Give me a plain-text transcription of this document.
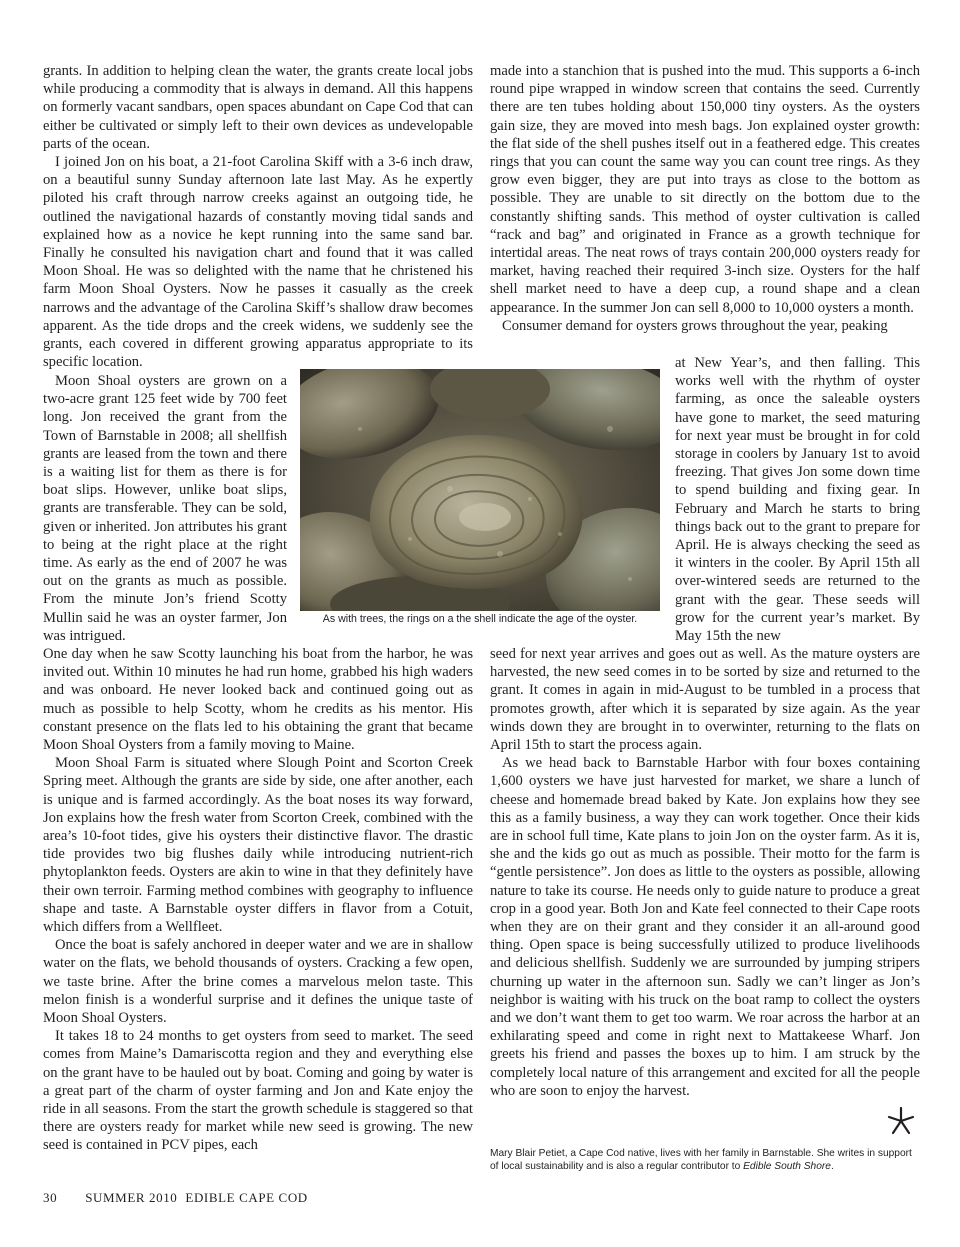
grants. In addition to helping clean the water, the grants create local jobs while producing a commodity that is always in demand. All this happens on formerly vacant sandbars, open spaces abundant on Cape Cod that can either be cultivated or simply left to their own devices as undevelopable parts of the ocean.

I joined Jon on his boat, a 21-foot Carolina Skiff with a 3-6 inch draw, on a beautiful sunny Sunday afternoon late last May. As he expertly piloted his craft through narrow creeks against an outgoing tide, he outlined the navigational hazards of constantly moving tidal sands and explained how as a novice he kept running into the same sand bar. Finally he consulted his navigation chart and found that it was called Moon Shoal. He was so delighted with the name that he christened his farm Moon Shoal Oysters. Now he passes it casually as the creek narrows and the advantage of the Carolina Skiff’s shallow draw becomes apparent. As the tide drops and the creek widens, we suddenly see the grants, each covered in different growing apparatus appropriate to its specific location.

Moon Shoal oysters are grown on a two-acre grant 125 feet wide by 700 feet long. Jon received the grant from the Town of Barnstable in 2008; all shellfish grants are leased from the town and there is a waiting list for them as there is for boat slips. However, unlike boat slips, grants are transferable. They can be sold, given or inherited. Jon attributes his grant to being at the right place at the right time. As early as the end of 2007 he was out on the grants as much as possible. From the minute Jon’s friend Scotty Mullin said he was an oyster farmer, Jon was intrigued.

One day when he saw Scotty launching his boat from the harbor, he was invited out. Within 10 minutes he had run home, grabbed his high waders and was onboard. He never looked back and continued going out as much as possible to help Scotty, whom he credits as his mentor. His constant presence on the flats led to his obtaining the grant that became Moon Shoal Oysters from a family moving to Maine.

Moon Shoal Farm is situated where Slough Point and Scorton Creek Spring meet. Although the grants are side by side, one after another, each is unique and is farmed accordingly. As the boat noses its way forward, Jon explains how the fresh water from Scorton Creek, combined with the area’s 10-foot tides, give his oysters their distinctive flavor. The drastic tide provides two big flushes daily while introducing nutrient-rich phytoplankton feeds. Oysters are akin to wine in that they definitely have their own terroir. Farming method combines with geography to influence shape and taste. A Barnstable oyster differs in flavor from a Cotuit, which differs from a Wellfleet.

Once the boat is safely anchored in deeper water and we are in shallow water on the flats, we behold thousands of oysters. Cracking a few open, we taste brine. After the brine comes a marvelous melon taste. This melon finish is a wonderful surprise and it defines the unique taste of Moon Shoal Oysters.

It takes 18 to 24 months to get oysters from seed to market. The seed comes from Maine’s Damariscotta region and they and everything else on the grant have to be hauled out by boat. Coming and going by water is a great part of the charm of oyster farming and Jon and Kate enjoy the ride in all seasons. From the start the growth schedule is staggered so that there are oysters ready for market while new seed is growing. The new seed is contained in PCV pipes, each

made into a stanchion that is pushed into the mud. This supports a 6-inch round pipe wrapped in window screen that contains the seed. Currently there are ten tubes holding about 150,000 tiny oysters. As the oysters gain size, they are moved into mesh bags. Jon explained oyster growth: the flat side of the shell pushes itself out in a feathered edge. This creates rings that you can count the same way you can count tree rings. As they grow even bigger, they are put into trays as close to the bottom as possible. They are unable to sit directly on the bottom due to the constantly shifting sands. This method of oyster cultivation is called “rack and bag” and originated in France as a growth technique for intertidal areas. The neat rows of trays contain 200,000 oysters ready for market, having reached their required 3-inch size. Oysters for the half shell market need to have a deep cup, a round shape and a clean appearance. In the summer Jon can sell 8,000 to 10,000 oysters a month.

Consumer demand for oysters grows throughout the year, peaking

at New Year’s, and then falling. This works well with the rhythm of oyster farming, as once the saleable oysters have gone to market, the seed maturing for next year must be brought in for cold storage in coolers by January 1st to avoid freezing. That gives Jon some down time to spend building and fixing gear. In February and March he starts to bring things back out to the grant to prepare for April. He is always checking the seed as it winters in the cooler. By April 15th all over-wintered seeds are returned to the grant with the gear. These seeds will grow for the current year’s market. By May 15th the new

seed for next year arrives and goes out as well. As the mature oysters are harvested, the new seed comes in to be sorted by size and returned to the grant. It comes in again in mid-August to be tumbled in a process that promotes growth, after which it is separated by size again. As the year winds down they are brought in to overwinter, returning to the flats on April 15th to start the process again.

As we head back to Barnstable Harbor with four boxes containing 1,600 oysters we have just harvested for market, we share a lunch of cheese and homemade bread baked by Kate. Jon explains how they see this as a family business, a way they can work together. Once their kids are in school full time, Kate plans to join Jon on the oyster farm. As it is, she and the kids go out as much as possible. Their motto for the farm is “gentle persistence”. Jon does as little to the oysters as possible, allowing nature to take its course. He needs only to guide nature to produce a great crop in a good year. Both Jon and Kate feel connected to their Cape roots when they are on their grant and they consider it an all-around good thing. Open space is being successfully utilized to produce livelihoods and delicious shellfish. Suddenly we are surrounded by jumping stripers churning up water in the afternoon sun. Sadly we can’t linger as Jon’s neighbor is waiting with his truck on the boat ramp to collect the oysters and we don’t want them to get too warm. We roar across the harbor at an exhilarating speed and come in right next to Mattakeese Wharf. Jon greets his friend and passes the boxes up to him. I am struck by the completely local nature of this arrangement and excited for all the people who are soon to enjoy the harvest.

As with trees, the rings on a the shell indicate the age of the oyster.
Mary Blair Petiet, a Cape Cod native, lives with her family in Barnstable. She writes in support of local sustainability and is also a regular contributor to Edible South Shore.
30 SUMMER 2010 EDIBLE CAPE COD
